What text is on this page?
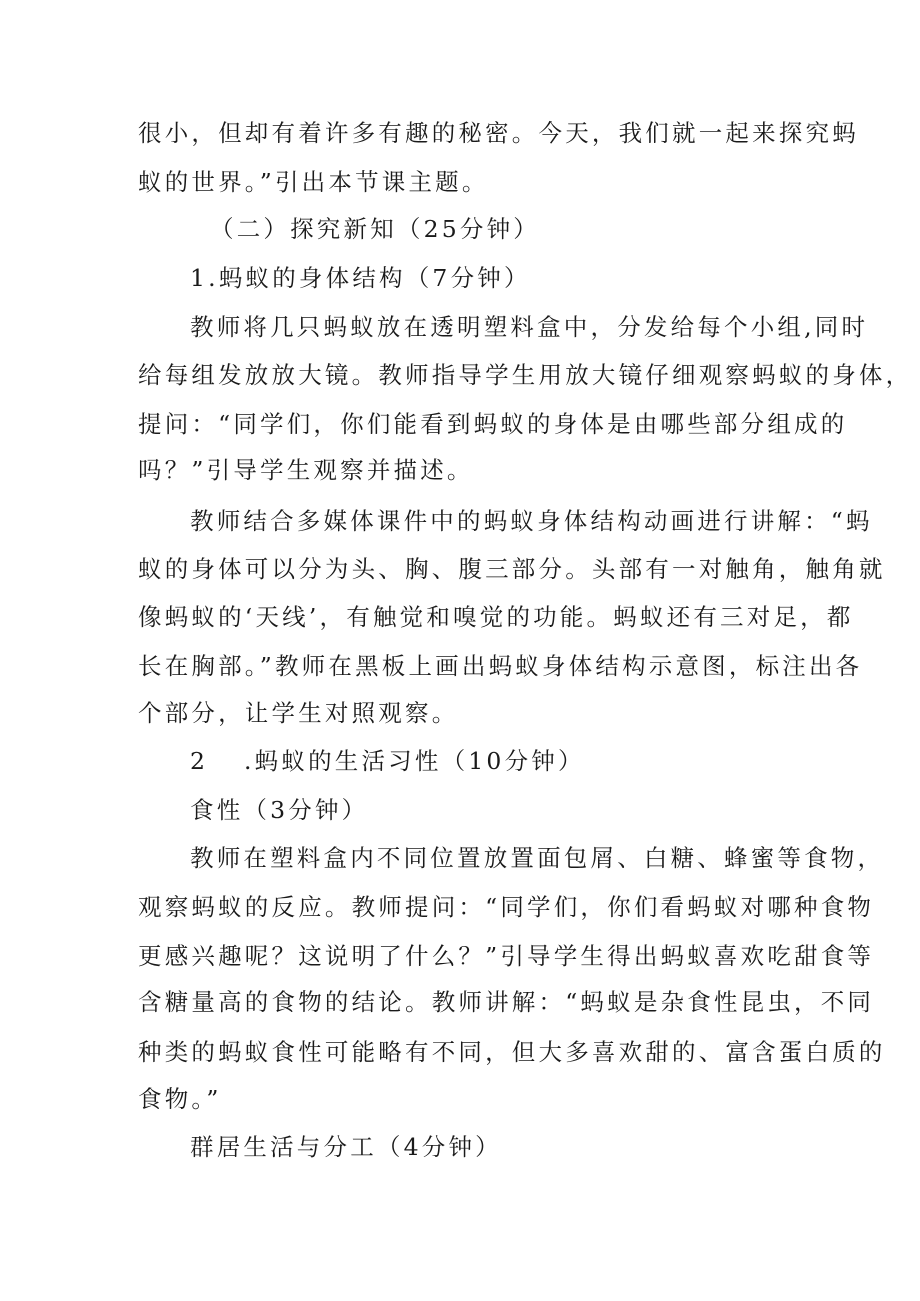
很小，但却有着许多有趣的秘密。今天，我们就一起来探究蚂
蚁的世界。”引出本节课主题。
（二）探究新知（25分钟）
1.蚂蚁的身体结构（7分钟）
教师将几只蚂蚁放在透明塑料盒中，分发给每个小组,同时
给每组发放放大镜。教师指导学生用放大镜仔细观察蚂蚁的身体，
提问：“同学们，你们能看到蚂蚁的身体是由哪些部分组成的
吗？”引导学生观察并描述。
教师结合多媒体课件中的蚂蚁身体结构动画进行讲解：“蚂
蚁的身体可以分为头、胸、腹三部分。头部有一对触角，触角就
像蚂蚁的‘天线’，有触觉和嗅觉的功能。蚂蚁还有三对足，都
长在胸部。”教师在黑板上画出蚂蚁身体结构示意图，标注出各
个部分，让学生对照观察。
2 .蚂蚁的生活习性（10分钟）
食性（3分钟）
教师在塑料盒内不同位置放置面包屑、白糖、蜂蜜等食物，
观察蚂蚁的反应。教师提问：“同学们，你们看蚂蚁对哪种食物
更感兴趣呢？这说明了什么？”引导学生得出蚂蚁喜欢吃甜食等
含糖量高的食物的结论。教师讲解：“蚂蚁是杂食性昆虫，不同
种类的蚂蚁食性可能略有不同，但大多喜欢甜的、富含蛋白质的
食物。”
群居生活与分工（4分钟）
